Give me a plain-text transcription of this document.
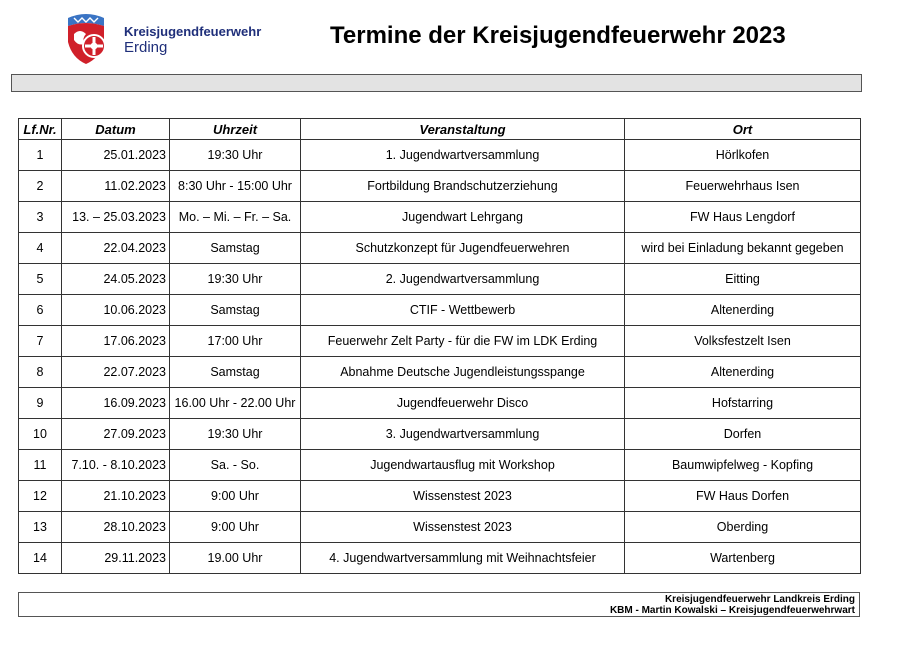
Kreisjugendfeuerwehr
Erding	Termine der Kreisjugendfeuerwehr 2023
Lf.Nr.	Datum	Uhrzeit	Veranstaltung	Ort
1	25.01.2023	19:30 Uhr	1. Jugendwartversammlung	Hörlkofen
2	11.02.2023	8:30 Uhr - 15:00 Uhr	Fortbildung Brandschutzerziehung	Feuerwehrhaus Isen
3	13. – 25.03.2023	Mo. – Mi. – Fr. – Sa.	Jugendwart Lehrgang	FW Haus Lengdorf
4	22.04.2023	Samstag	Schutzkonzept für Jugendfeuerwehren	wird bei Einladung bekannt gegeben
5	24.05.2023	19:30 Uhr	2. Jugendwartversammlung	Eitting
6	10.06.2023	Samstag	CTIF - Wettbewerb	Altenerding
7	17.06.2023	17:00 Uhr	Feuerwehr Zelt Party - für die FW im LDK Erding	Volksfestzelt Isen
8	22.07.2023	Samstag	Abnahme Deutsche Jugendleistungsspange	Altenerding
9	16.09.2023	16.00 Uhr - 22.00 Uhr	Jugendfeuerwehr Disco	Hofstarring
10	27.09.2023	19:30 Uhr	3. Jugendwartversammlung	Dorfen
11	7.10. - 8.10.2023	Sa. - So.	Jugendwartausflug mit Workshop	Baumwipfelweg - Kopfing
12	21.10.2023	9:00 Uhr	Wissenstest 2023	FW Haus Dorfen
13	28.10.2023	9:00 Uhr	Wissenstest 2023	Oberding
14	29.11.2023	19.00 Uhr	4. Jugendwartversammlung mit Weihnachtsfeier	Wartenberg
Kreisjugendfeuerwehr Landkreis Erding
KBM - Martin Kowalski – Kreisjugendfeuerwehrwart
